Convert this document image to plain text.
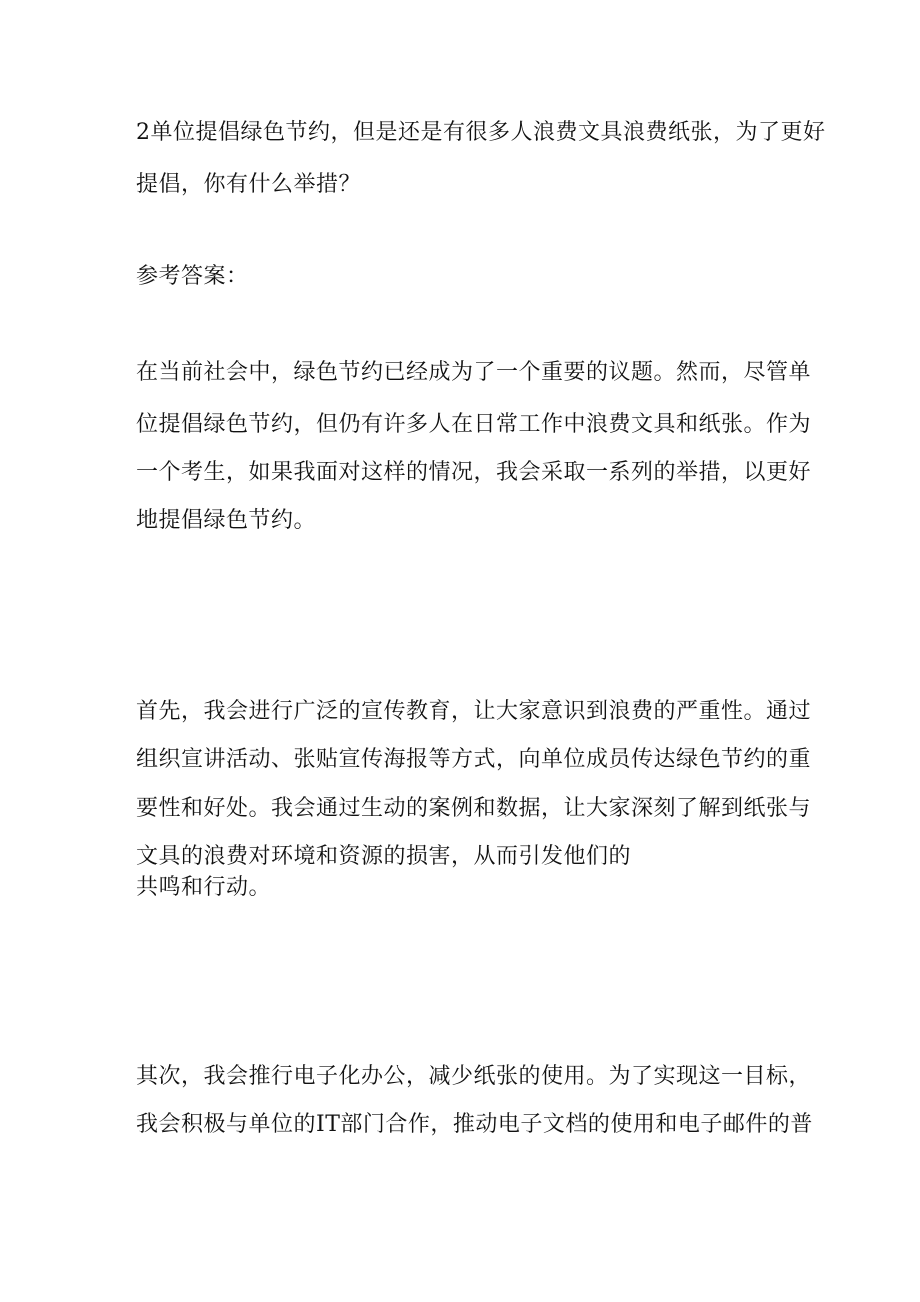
2单位提倡绿色节约，但是还是有很多人浪费文具浪费纸张，为了更好
提倡，你有什么举措？
参考答案：
在当前社会中，绿色节约已经成为了一个重要的议题。然而，尽管单
位提倡绿色节约，但仍有许多人在日常工作中浪费文具和纸张。作为
一个考生，如果我面对这样的情况，我会采取一系列的举措，以更好
地提倡绿色节约。
首先，我会进行广泛的宣传教育，让大家意识到浪费的严重性。通过
组织宣讲活动、张贴宣传海报等方式，向单位成员传达绿色节约的重
要性和好处。我会通过生动的案例和数据，让大家深刻了解到纸张与
文具的浪费对环境和资源的损害，从而引发他们的
共鸣和行动。
其次，我会推行电子化办公，减少纸张的使用。为了实现这一目标，
我会积极与单位的IT部门合作，推动电子文档的使用和电子邮件的普
